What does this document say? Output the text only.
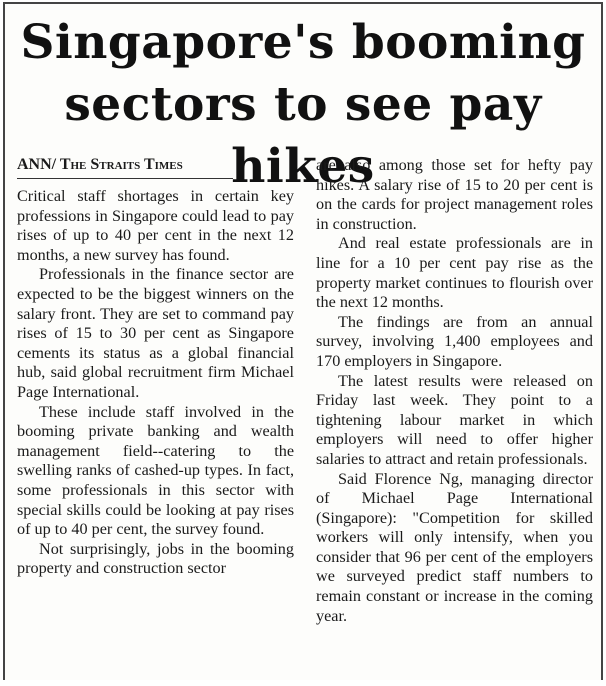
Singapore's booming
sectors to see pay hikes
ANN/ The Straits Times

Critical staff shortages in certain key professions in Singapore could lead to pay rises of up to 40 per cent in the next 12 months, a new survey has found.

Professionals in the finance sector are expected to be the biggest winners on the salary front. They are set to command pay rises of 15 to 30 per cent as Singapore cements its status as a global financial hub, said global recruitment firm Michael Page International.

These include staff involved in the booming private banking and wealth management field--catering to the swelling ranks of cashed-up types. In fact, some professionals in this sector with special skills could be looking at pay rises of up to 40 per cent, the survey found.

Not surprisingly, jobs in the booming property and construction sector

are also among those set for hefty pay hikes. A salary rise of 15 to 20 per cent is on the cards for project management roles in construction.

And real estate professionals are in line for a 10 per cent pay rise as the property market continues to flourish over the next 12 months.

The findings are from an annual survey, involving 1,400 employees and 170 employers in Singapore.

The latest results were released on Friday last week. They point to a tightening labour market in which employers will need to offer higher salaries to attract and retain professionals.

Said Florence Ng, managing director of Michael Page International (Singapore): "Competition for skilled workers will only intensify, when you consider that 96 per cent of the employers we surveyed predict staff numbers to remain constant or increase in the coming year.
